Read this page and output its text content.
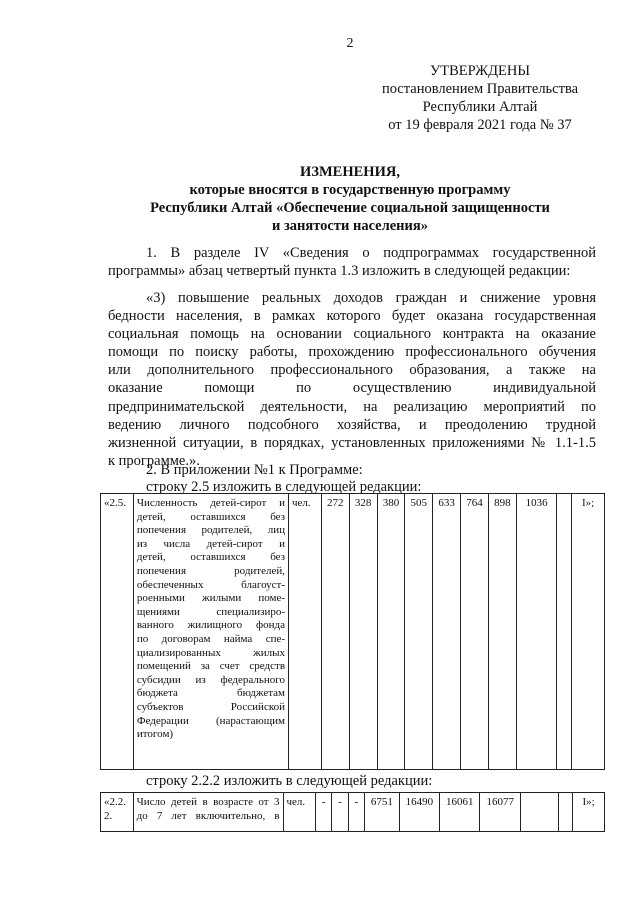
2
УТВЕРЖДЕНЫ
постановлением Правительства
Республики Алтай
от 19 февраля 2021 года № 37
ИЗМЕНЕНИЯ,
которые вносятся в государственную программу
Республики Алтай «Обеспечение социальной защищенности
и занятости населения»
1. В разделе IV «Сведения о подпрограммах государственной
программы» абзац четвертый пункта 1.3 изложить в следующей редакции:
«3) повышение реальных доходов граждан и снижение уровня
бедности населения, в рамках которого будет оказана государственная
социальная помощь на основании социального контракта на оказание
помощи по поиску работы, прохождению профессионального обучения
или дополнительного профессионального образования, а также на
оказание помощи по осуществлению индивидуальной
предпринимательской деятельности, на реализацию мероприятий по
ведению личного подсобного хозяйства, и преодолению трудной
жизненной ситуации, в порядках, установленных приложениями № 1.1-1.5
к программе.».
2. В приложении №1 к Программе:
строку 2.5 изложить в следующей редакции:
«2.5.	Численность детей-сирот и
детей, оставшихся без
попечения родителей, лиц
из числа детей-сирот и
детей, оставшихся без
попечения родителей,
обеспеченных благоуст-
роенными жилыми поме-
щениями специализиро-
ванного жилищного фонда
по договорам найма спе-
циализированных жилых
помещений за счет средств
субсидии из федерального
бюджета бюджетам
субъектов Российской
Федерации (нарастающим
итогом)
	чел.	272	328	380	505	633	764	898	1036		I»;
строку 2.2.2 изложить в следующей редакции:
«2.2.
2.

Число детей в возрасте от 3
до 7 лет включительно, в
	чел.	-	-	-	6751	16490	16061	16077			I»;
